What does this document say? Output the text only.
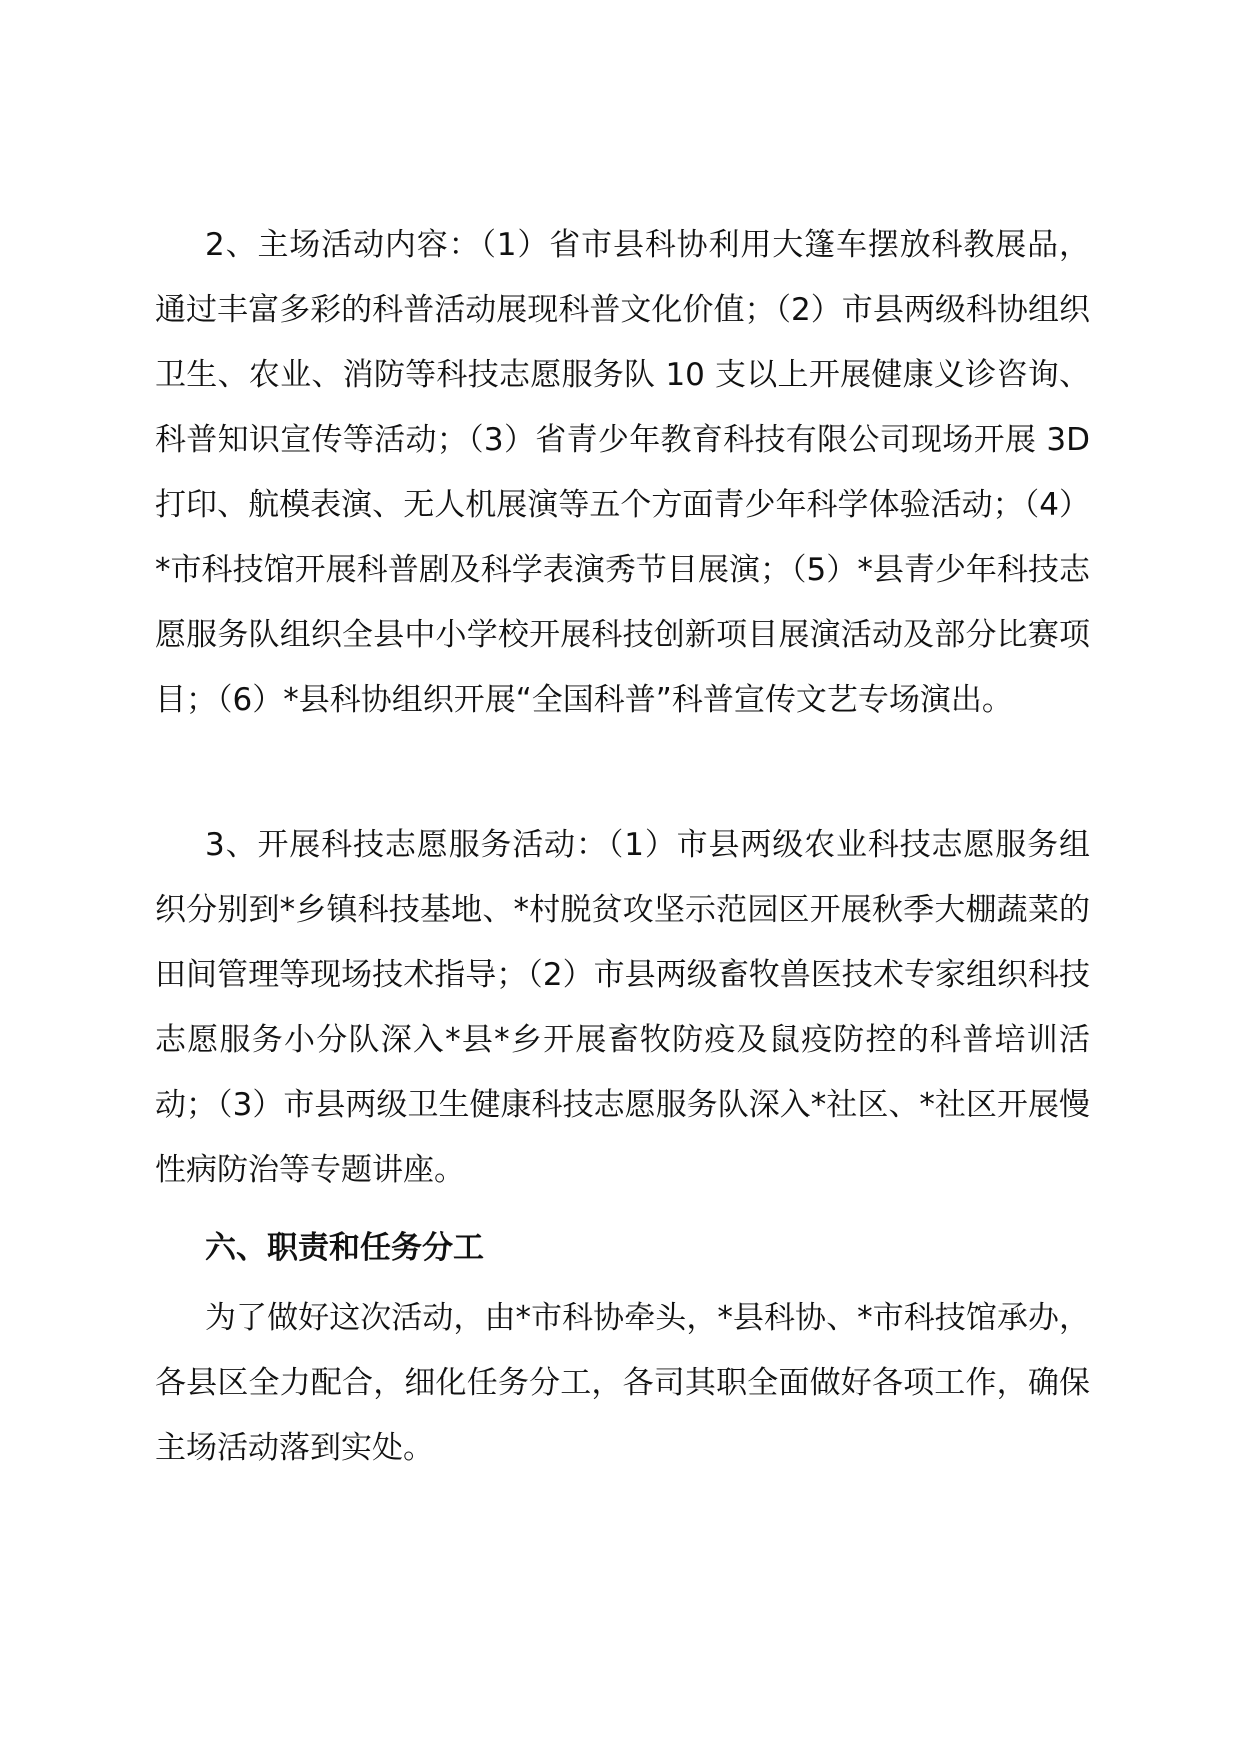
2、主场活动内容：（1）省市县科协利用大篷车摆放科教展品，通过丰富多彩的科普活动展现科普文化价值；（2）市县两级科协组织卫生、农业、消防等科技志愿服务队 10 支以上开展健康义诊咨询、科普知识宣传等活动；（3）省青少年教育科技有限公司现场开展 3D 打印、航模表演、无人机展演等五个方面青少年科学体验活动；（4）*市科技馆开展科普剧及科学表演秀节目展演；（5）*县青少年科技志愿服务队组织全县中小学校开展科技创新项目展演活动及部分比赛项目；（6）*县科协组织开展“全国科普”科普宣传文艺专场演出。

3、开展科技志愿服务活动：（1）市县两级农业科技志愿服务组织分别到*乡镇科技基地、*村脱贫攻坚示范园区开展秋季大棚蔬菜的田间管理等现场技术指导；（2）市县两级畜牧兽医技术专家组织科技志愿服务小分队深入*县*乡开展畜牧防疫及鼠疫防控的科普培训活动；（3）市县两级卫生健康科技志愿服务队深入*社区、*社区开展慢性病防治等专题讲座。

六、职责和任务分工

为了做好这次活动，由*市科协牵头，*县科协、*市科技馆承办，各县区全力配合，细化任务分工，各司其职全面做好各项工作，确保主场活动落到实处。
